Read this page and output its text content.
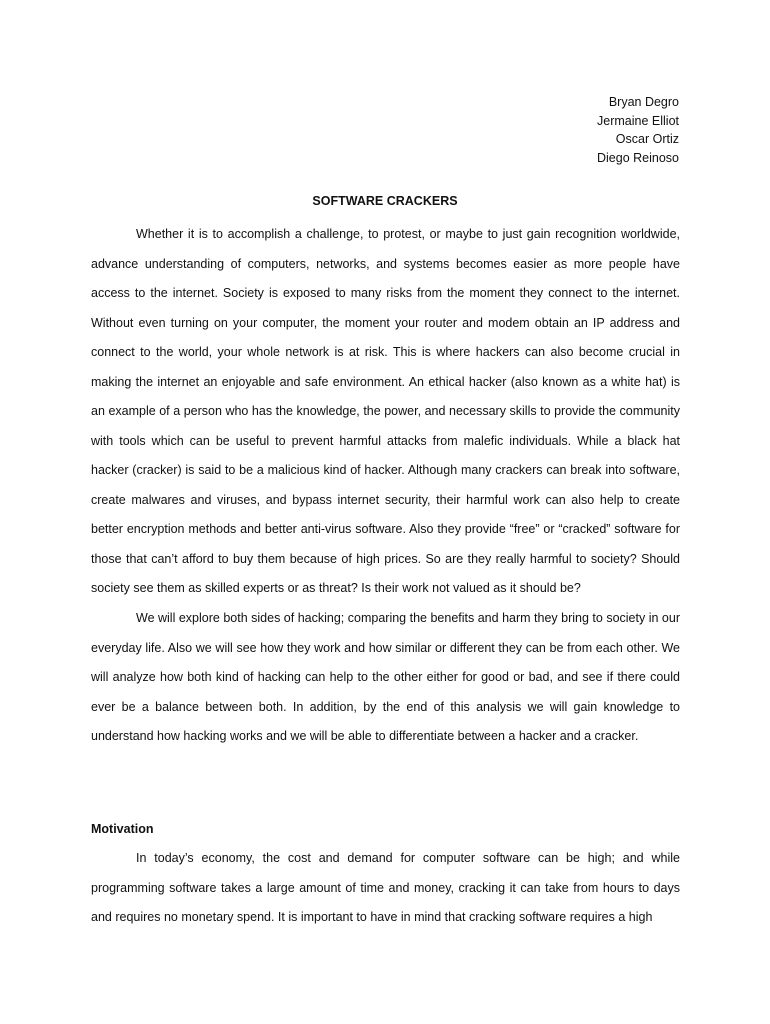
Bryan Degro
Jermaine Elliot
Oscar Ortiz
Diego Reinoso
SOFTWARE CRACKERS

Whether it is to accomplish a challenge, to protest, or maybe to just gain recognition worldwide, advance understanding of computers, networks, and systems becomes easier as more people have access to the internet. Society is exposed to many risks from the moment they connect to the internet. Without even turning on your computer, the moment your router and modem obtain an IP address and connect to the world, your whole network is at risk. This is where hackers can also become crucial in making the internet an enjoyable and safe environment. An ethical hacker (also known as a white hat) is an example of a person who has the knowledge, the power, and necessary skills to provide the community with tools which can be useful to prevent harmful attacks from malefic individuals. While a black hat hacker (cracker) is said to be a malicious kind of hacker. Although many crackers can break into software, create malwares and viruses, and bypass internet security, their harmful work can also help to create better encryption methods and better anti-virus software. Also they provide “free” or “cracked” software for those that can’t afford to buy them because of high prices. So are they really harmful to society? Should society see them as skilled experts or as threat? Is their work not valued as it should be?

We will explore both sides of hacking; comparing the benefits and harm they bring to society in our everyday life. Also we will see how they work and how similar or different they can be from each other. We will analyze how both kind of hacking can help to the other either for good or bad, and see if there could ever be a balance between both. In addition, by the end of this analysis we will gain knowledge to understand how hacking works and we will be able to differentiate between a hacker and a cracker.

Motivation

In today’s economy, the cost and demand for computer software can be high; and while programming software takes a large amount of time and money, cracking it can take from hours to days and requires no monetary spend. It is important to have in mind that cracking software requires a high
